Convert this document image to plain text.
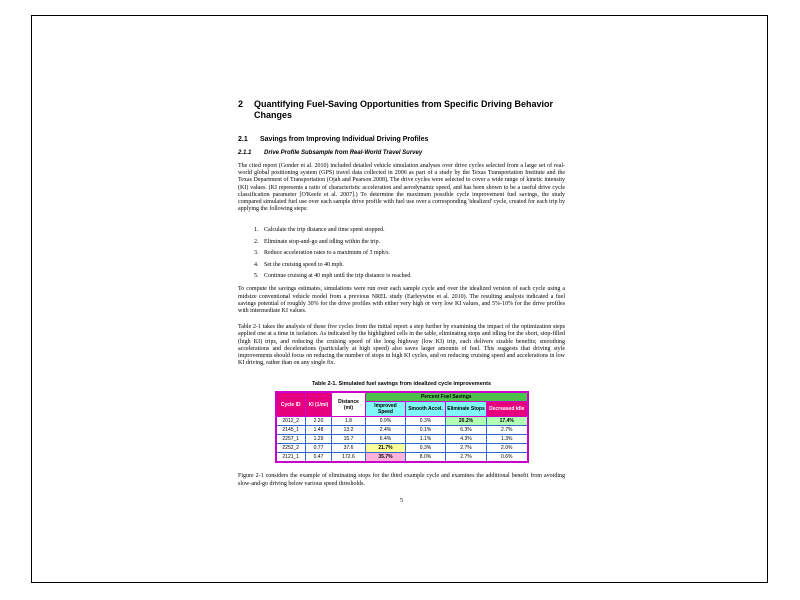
2	Quantifying Fuel-Saving Opportunities from Specific Driving Behavior Changes
2.1	Savings from Improving Individual Driving Profiles
2.1.1	Drive Profile Subsample from Real-World Travel Survey

The cited report (Gonder et al. 2010) included detailed vehicle simulation analyses over drive cycles selected from a large set of real-world global positioning system (GPS) travel data collected in 2006 as part of a study by the Texas Transportation Institute and the Texas Department of Transportation (Ojah and Pearson 2008). The drive cycles were selected to cover a wide range of kinetic intensity (KI) values. (KI represents a ratio of characteristic acceleration and aerodynamic speed, and has been shown to be a useful drive cycle classification parameter [O'Keefe et al. 2007].) To determine the maximum possible cycle improvement fuel savings, the study compared simulated fuel use over each sample drive profile with fuel use over a corresponding 'idealized' cycle, created for each trip by applying the following steps:

1. Calculate the trip distance and time spent stopped.
2. Eliminate stop-and-go and idling within the trip.
3. Reduce acceleration rates to a maximum of 3 mph/s.
4. Set the cruising speed to 40 mph.
5. Continue cruising at 40 mph until the trip distance is reached.

To compute the savings estimates, simulations were run over each sample cycle and over the idealized version of each cycle using a midsize conventional vehicle model from a previous NREL study (Earleywine et al. 2010). The resulting analysis indicated a fuel savings potential of roughly 30% for the drive profiles with either very high or very low KI values, and 5%-10% for the drive profiles with intermediate KI values.

Table 2-1 takes the analysis of these five cycles from the initial report a step further by examining the impact of the optimization steps applied one at a time in isolation. As indicated by the highlighted cells in the table, eliminating stops and idling for the short, stop-filled (high KI) trips, and reducing the cruising speed of the long highway (low KI) trip, each delivers sizable benefits; smoothing accelerations and decelerations (particularly at high speed) also saves larger amounts of fuel. This suggests that driving style improvements should focus on reducing the number of stops in high KI cycles, and on reducing cruising speed and accelerations in low KI driving, rather than on any single fix.

Table 2-1. Simulated fuel savings from idealized cycle improvements
Cycle ID	KI (1/mi)	Distance (mi)	Percent Fuel Savings			
			Improved Speed	Smooth Accel.	Eliminate Stops	Decreased Idle
2012_2	2.20	1.8	0.9%	0.3%	20.2%	17.4%
2145_1	1.48	13.2	2.4%	0.1%	6.3%	2.7%
2257_1	1.29	15.7	6.4%	1.1%	4.3%	1.3%
2252_2	0.77	37.6	21.7%	0.3%	2.7%	2.0%
2121_1	0.47	172.6	35.7%	8.0%	2.7%	0.6%

Figure 2-1 considers the example of eliminating stops for the third example cycle and examines the additional benefit from avoiding slow-and-go driving below various speed thresholds.

5
